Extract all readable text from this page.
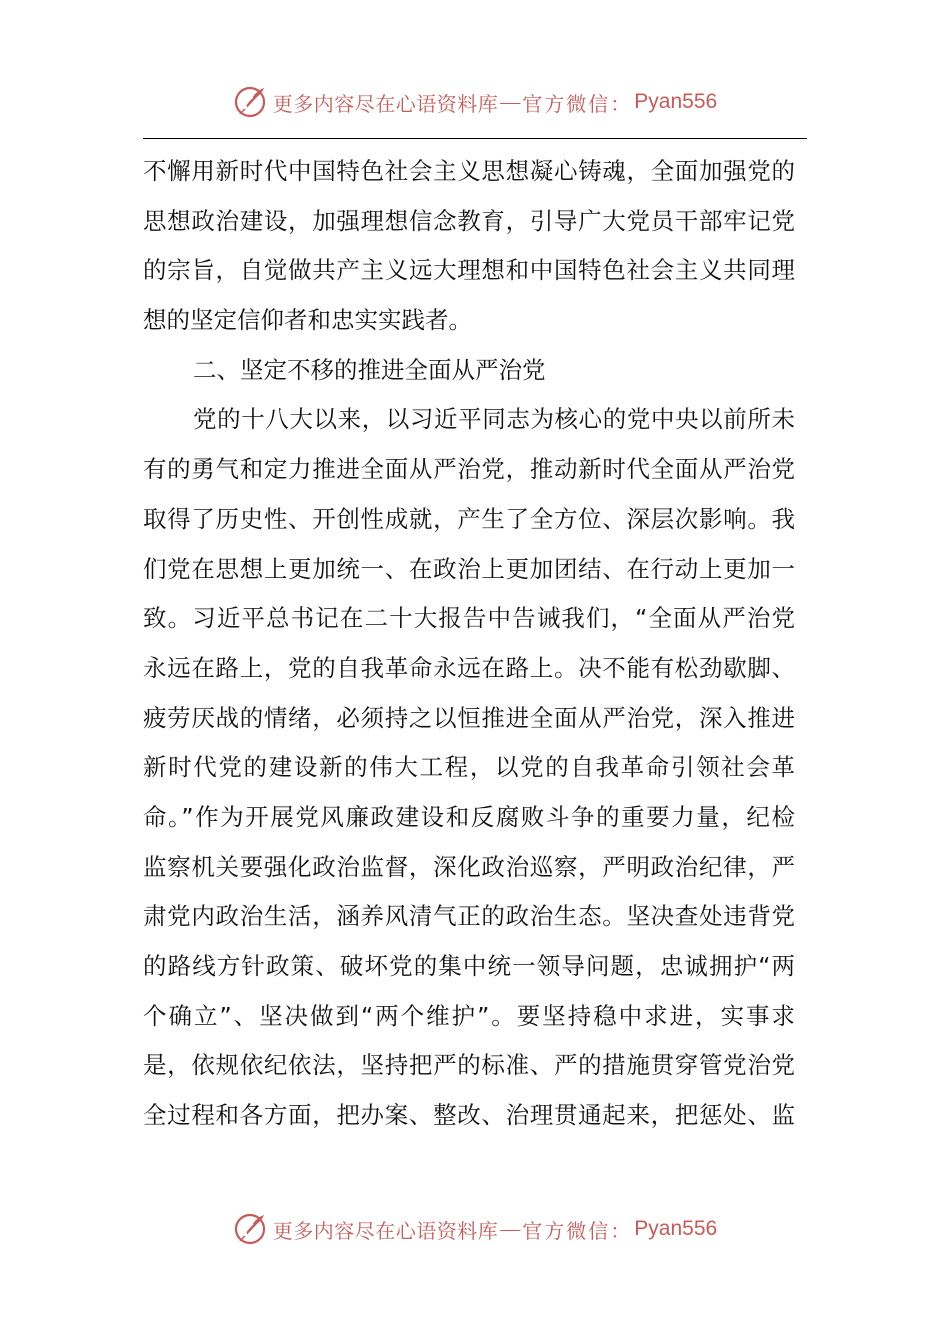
更多内容尽在心语资料库 — 官方微信： Pyan556
不懈用新时代中国特色社会主义思想凝心铸魂，全面加强党的
思想政治建设，加强理想信念教育，引导广大党员干部牢记党
的宗旨，自觉做共产主义远大理想和中国特色社会主义共同理
想的坚定信仰者和忠实实践者。
二、坚定不移的推进全面从严治党
党的十八大以来，以习近平同志为核心的党中央以前所未
有的勇气和定力推进全面从严治党，推动新时代全面从严治党
取得了历史性、开创性成就，产生了全方位、深层次影响。我
们党在思想上更加统一、在政治上更加团结、在行动上更加一
致。习近平总书记在二十大报告中告诫我们，“全面从严治党
永远在路上，党的自我革命永远在路上。决不能有松劲歇脚、
疲劳厌战的情绪，必须持之以恒推进全面从严治党，深入推进
新时代党的建设新的伟大工程，以党的自我革命引领社会革
命。”作为开展党风廉政建设和反腐败斗争的重要力量，纪检
监察机关要强化政治监督，深化政治巡察，严明政治纪律，严
肃党内政治生活，涵养风清气正的政治生态。坚决查处违背党
的路线方针政策、破坏党的集中统一领导问题，忠诚拥护“两
个确立”、坚决做到“两个维护”。要坚持稳中求进，实事求
是，依规依纪依法，坚持把严的标准、严的措施贯穿管党治党
全过程和各方面，把办案、整改、治理贯通起来，把惩处、监
更多内容尽在心语资料库 — 官方微信： Pyan556
